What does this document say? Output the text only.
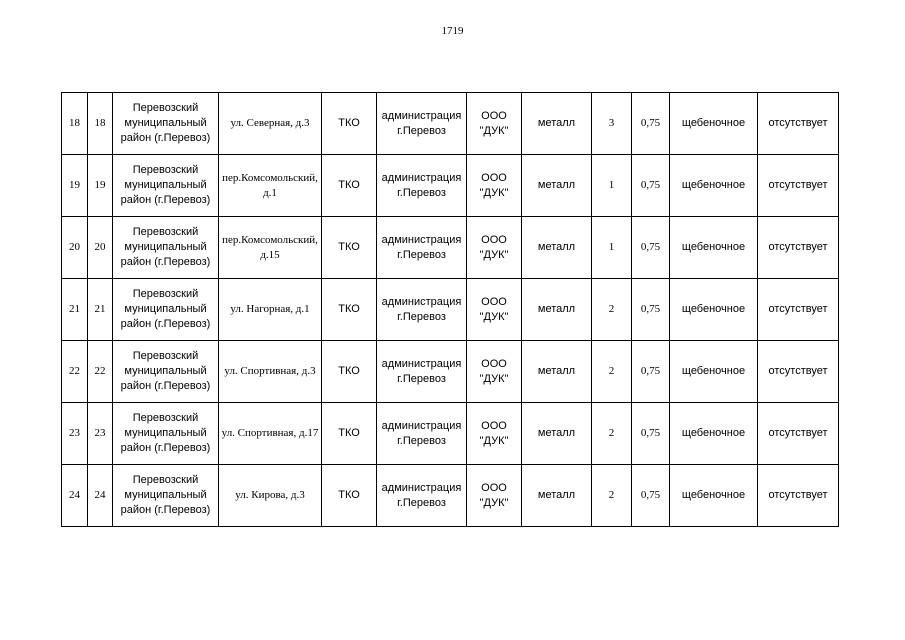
1719
18	18	Перевозский муниципальный район (г.Перевоз)	ул. Северная, д.3	ТКО	администрация г.Перевоз	ООО "ДУК"	металл	3	0,75	щебеночное	отсутствует
19	19	Перевозский муниципальный район (г.Перевоз)	пер.Комсомольский, д.1	ТКО	администрация г.Перевоз	ООО "ДУК"	металл	1	0,75	щебеночное	отсутствует
20	20	Перевозский муниципальный район (г.Перевоз)	пер.Комсомольский, д.15	ТКО	администрация г.Перевоз	ООО "ДУК"	металл	1	0,75	щебеночное	отсутствует
21	21	Перевозский муниципальный район (г.Перевоз)	ул. Нагорная, д.1	ТКО	администрация г.Перевоз	ООО "ДУК"	металл	2	0,75	щебеночное	отсутствует
22	22	Перевозский муниципальный район (г.Перевоз)	ул. Спортивная, д.3	ТКО	администрация г.Перевоз	ООО "ДУК"	металл	2	0,75	щебеночное	отсутствует
23	23	Перевозский муниципальный район (г.Перевоз)	ул. Спортивная, д.17	ТКО	администрация г.Перевоз	ООО "ДУК"	металл	2	0,75	щебеночное	отсутствует
24	24	Перевозский муниципальный район (г.Перевоз)	ул. Кирова, д.3	ТКО	администрация г.Перевоз	ООО "ДУК"	металл	2	0,75	щебеночное	отсутствует
